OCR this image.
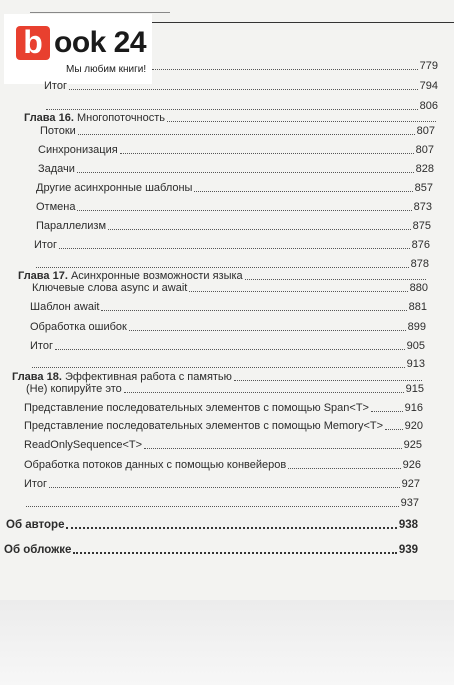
b ook 24
Мы любим книги!	779
Итог	794
806
Глава 16. Многопоточность
Потоки	807
Синхронизация	807
Задачи	828
Другие асинхронные шаблоны	857
Отмена	873
Параллелизм	875
Итог	876
878
Глава 17. Асинхронные возможности языка
Ключевые слова async и await	880
Шаблон await	881
Обработка ошибок	899
Итог	905
913
Глава 18. Эффективная работа с памятью
(Не) копируйте это	915
Представление последовательных элементов с помощью Span<T>	916
Представление последовательных элементов с помощью Memory<T> 920
ReadOnlySequence<T>	925
Обработка потоков данных с помощью конвейеров	926
Итог	927
937
Об авторе	938
Об обложке	939
